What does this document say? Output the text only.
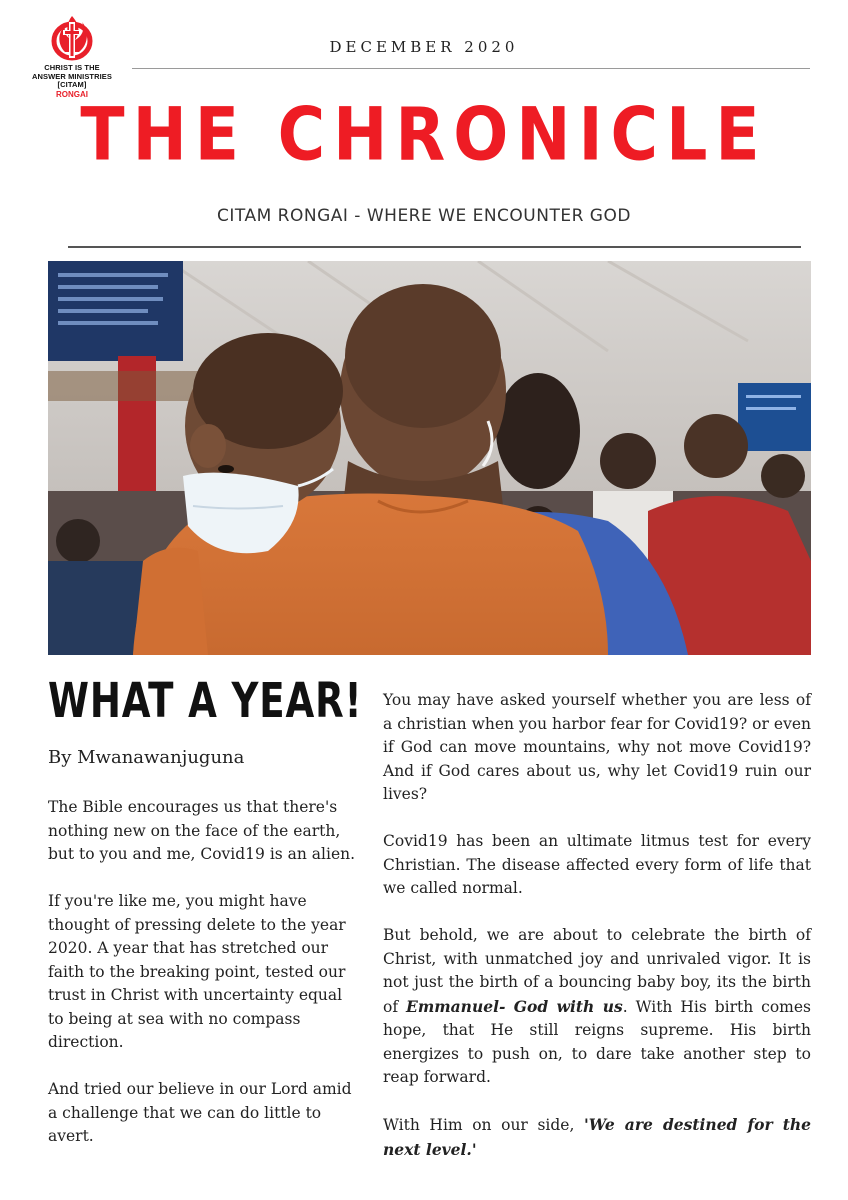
CHRIST IS THE
ANSWER MINISTRIES
[CITAM]
RONGAI
DECEMBER 2020
THE CHRONICLE
CITAM RONGAI - WHERE WE ENCOUNTER GOD
WHAT A YEAR!
By Mwanawanjuguna

The Bible encourages us that there's nothing new on the face of the earth, but to you and me, Covid19 is an alien.

If you're like me, you might have thought of pressing delete to the year 2020. A year that has stretched our faith to the breaking point, tested our trust in Christ with uncertainty equal to being at sea with no compass direction.

And tried our believe in our Lord amid a challenge that we can do little to avert.

You may have asked yourself whether you are less of a christian when you harbor fear for Covid19? or even if God can move mountains, why not move Covid19? And if God cares about us, why let Covid19 ruin our lives?

Covid19 has been an ultimate litmus test for every Christian. The disease affected every form of life that we called normal.

But behold, we are about to celebrate the birth of Christ, with unmatched joy and unrivaled vigor. It is not just the birth of a bouncing baby boy, its the birth of Emmanuel- God with us. With His birth comes hope, that He still reigns supreme. His birth energizes to push on, to dare take another step to reap forward.

With Him on our side, 'We are destined for the next level.'
